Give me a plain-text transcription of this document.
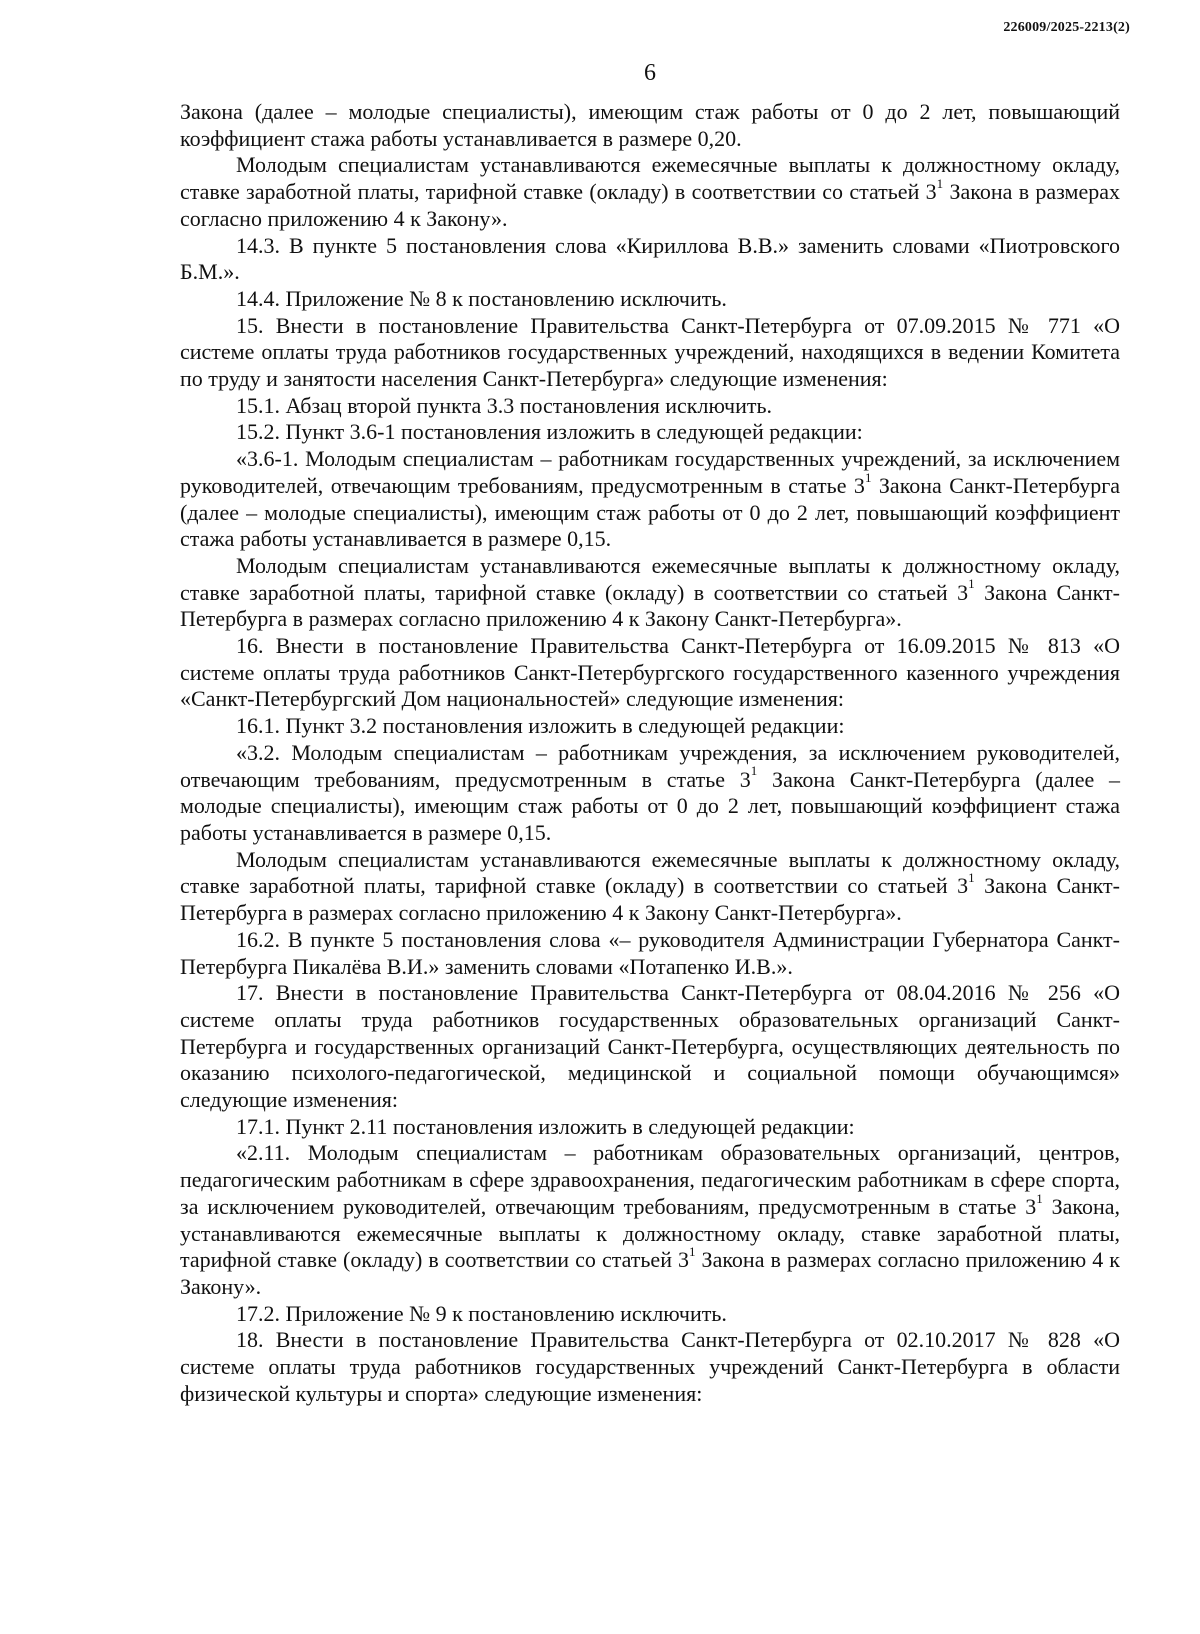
226009/2025-2213(2)
6

Закона (далее – молодые специалисты), имеющим стаж работы от 0 до 2 лет, повышающий коэффициент стажа работы устанавливается в размере 0,20.

Молодым специалистам устанавливаются ежемесячные выплаты к должностному окладу, ставке заработной платы, тарифной ставке (окладу) в соответствии со статьей $3^1$ Закона в размерах согласно приложению 4 к Закону».

14.3. В пункте 5 постановления слова «Кириллова В.В.» заменить словами «Пиотровского Б.М.».

14.4. Приложение № 8 к постановлению исключить.

15. Внести в постановление Правительства Санкт-Петербурга от 07.09.2015 № 771 «О системе оплаты труда работников государственных учреждений, находящихся в ведении Комитета по труду и занятости населения Санкт-Петербурга» следующие изменения:

15.1. Абзац второй пункта 3.3 постановления исключить.

15.2. Пункт 3.6-1 постановления изложить в следующей редакции:

«3.6-1. Молодым специалистам – работникам государственных учреждений, за исключением руководителей, отвечающим требованиям, предусмотренным в статье $3^1$ Закона Санкт-Петербурга (далее – молодые специалисты), имеющим стаж работы от 0 до 2 лет, повышающий коэффициент стажа работы устанавливается в размере 0,15.

Молодым специалистам устанавливаются ежемесячные выплаты к должностному окладу, ставке заработной платы, тарифной ставке (окладу) в соответствии со статьей $3^1$ Закона Санкт-Петербурга в размерах согласно приложению 4 к Закону Санкт-Петербурга».

16. Внести в постановление Правительства Санкт-Петербурга от 16.09.2015 № 813 «О системе оплаты труда работников Санкт-Петербургского государственного казенного учреждения «Санкт-Петербургский Дом национальностей» следующие изменения:

16.1. Пункт 3.2 постановления изложить в следующей редакции:

«3.2. Молодым специалистам – работникам учреждения, за исключением руководителей, отвечающим требованиям, предусмотренным в статье $3^1$ Закона Санкт-Петербурга (далее – молодые специалисты), имеющим стаж работы от 0 до 2 лет, повышающий коэффициент стажа работы устанавливается в размере 0,15.

Молодым специалистам устанавливаются ежемесячные выплаты к должностному окладу, ставке заработной платы, тарифной ставке (окладу) в соответствии со статьей $3^1$ Закона Санкт-Петербурга в размерах согласно приложению 4 к Закону Санкт-Петербурга».

16.2. В пункте 5 постановления слова «– руководителя Администрации Губернатора Санкт-Петербурга Пикалёва В.И.» заменить словами «Потапенко И.В.».

17. Внести в постановление Правительства Санкт-Петербурга от 08.04.2016 № 256 «О системе оплаты труда работников государственных образовательных организаций Санкт-Петербурга и государственных организаций Санкт-Петербурга, осуществляющих деятельность по оказанию психолого-педагогической, медицинской и социальной помощи обучающимся» следующие изменения:

17.1. Пункт 2.11 постановления изложить в следующей редакции:

«2.11. Молодым специалистам – работникам образовательных организаций, центров, педагогическим работникам в сфере здравоохранения, педагогическим работникам в сфере спорта, за исключением руководителей, отвечающим требованиям, предусмотренным в статье $3^1$ Закона, устанавливаются ежемесячные выплаты к должностному окладу, ставке заработной платы, тарифной ставке (окладу) в соответствии со статьей $3^1$ Закона в размерах согласно приложению 4 к Закону».

17.2. Приложение № 9 к постановлению исключить.

18. Внести в постановление Правительства Санкт-Петербурга от 02.10.2017 № 828 «О системе оплаты труда работников государственных учреждений Санкт-Петербурга в области физической культуры и спорта» следующие изменения:
